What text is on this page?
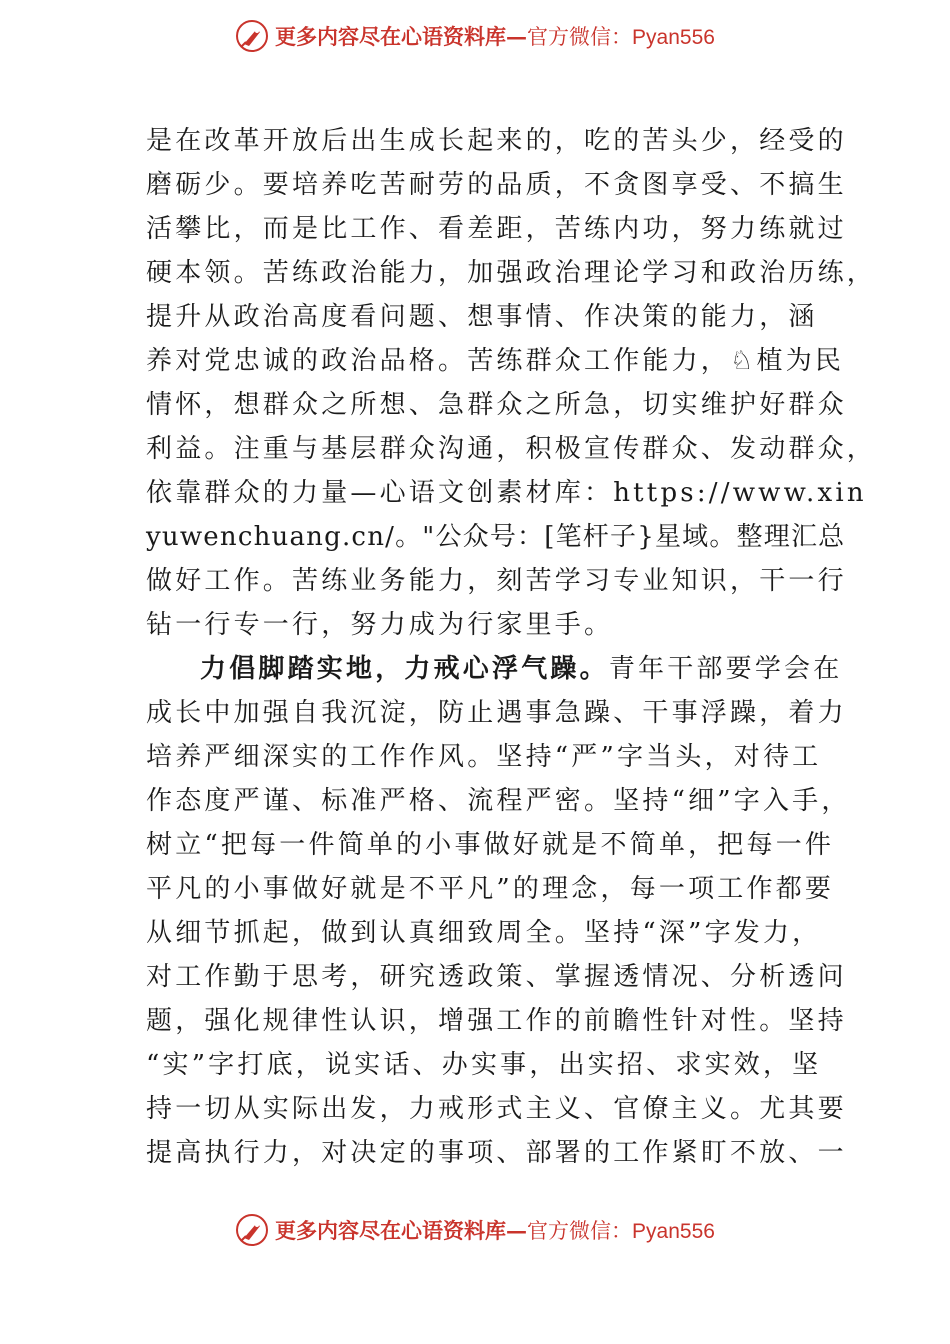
更多内容尽在心语资料库— 官方微信：Pyan556
是在改革开放后出生成长起来的，吃的苦头少，经受的
磨砺少。要培养吃苦耐劳的品质，不贪图享受、不搞生
活攀比，而是比工作、看差距，苦练内功，努力练就过
硬本领。苦练政治能力，加强政治理论学习和政治历练，
提升从政治高度看问题、想事情、作决策的能力，涵
养对党忠诚的政治品格。苦练群众工作能力，♘植为民
情怀，想群众之所想、急群众之所急，切实维护好群众
利益。注重与基层群众沟通，积极宣传群众、发动群众，
依靠群众的力量—心语文创素材库：https://www.xin
yuwenchuang.cn/。"公众号：[笔杆子}星域。整理汇总
做好工作。苦练业务能力，刻苦学习专业知识，干一行
钻一行专一行，努力成为行家里手。
力倡脚踏实地，力戒心浮气躁。青年干部要学会在
成长中加强自我沉淀，防止遇事急躁、干事浮躁，着力
培养严细深实的工作作风。坚持“严”字当头，对待工
作态度严谨、标准严格、流程严密。坚持“细”字入手，
树立“把每一件简单的小事做好就是不简单，把每一件
平凡的小事做好就是不平凡”的理念，每一项工作都要
从细节抓起，做到认真细致周全。坚持“深”字发力，
对工作勤于思考，研究透政策、掌握透情况、分析透问
题，强化规律性认识，增强工作的前瞻性针对性。坚持
“实”字打底，说实话、办实事，出实招、求实效，坚
持一切从实际出发，力戒形式主义、官僚主义。尤其要
提高执行力，对决定的事项、部署的工作紧盯不放、一
更多内容尽在心语资料库— 官方微信：Pyan556
